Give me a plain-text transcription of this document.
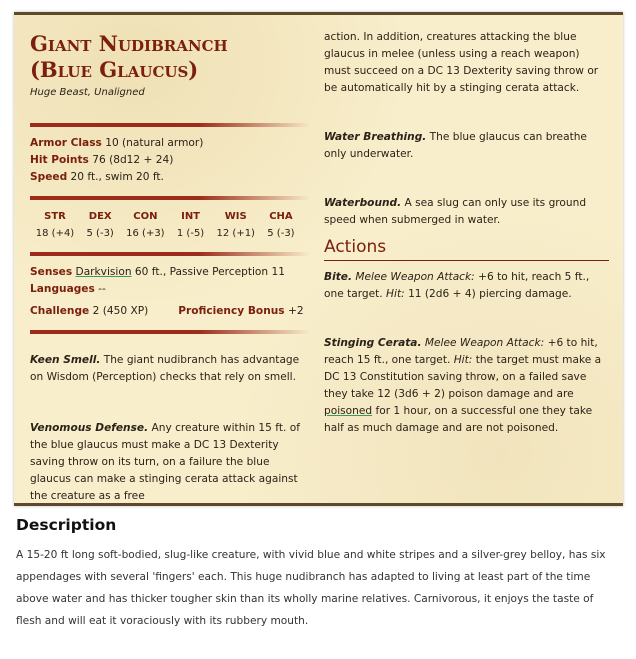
Giant Nudibranch
(Blue Glaucus)
Huge Beast, Unaligned
Armor Class 10 (natural armor)
Hit Points 76 (8d12 + 24)
Speed 20 ft., swim 20 ft.
STR
18 (+4)
DEX
5 (-3)
CON
16 (+3)
INT
1 (-5)
WIS
12 (+1)
CHA
5 (-3)
Senses Darkvision 60 ft., Passive Perception 11
Languages --
Challenge 2 (450 XP)	Proficiency Bonus +2

Keen Smell. The giant nudibranch has advantage on Wisdom (Perception) checks that rely on smell.

Venomous Defense. Any creature within 15 ft. of the blue glaucus must make a DC 13 Dexterity saving throw on its turn, on a failure the blue glaucus can make a stinging cerata attack against the creature as a free

action. In addition, creatures attacking the blue glaucus in melee (unless using a reach weapon) must succeed on a DC 13 Dexterity saving throw or be automatically hit by a stinging cerata attack.

Water Breathing. The blue glaucus can breathe only underwater.

Waterbound. A sea slug can only use its ground speed when submerged in water.

Actions

Bite. Melee Weapon Attack: +6 to hit, reach 5 ft., one target. Hit: 11 (2d6 + 4) piercing damage.

Stinging Cerata. Melee Weapon Attack: +6 to hit, reach 15 ft., one target. Hit: the target must make a DC 13 Constitution saving throw, on a failed save they take 12 (3d6 + 2) poison damage and are poisoned for 1 hour, on a successful one they take half as much damage and are not poisoned.

Description

A 15-20 ft long soft-bodied, slug-like creature, with vivid blue and white stripes and a silver-grey belloy, has six appendages with several 'fingers' each. This huge nudibranch has adapted to living at least part of the time above water and has thicker tougher skin than its wholly marine relatives. Carnivorous, it enjoys the taste of flesh and will eat it voraciously with its rubbery mouth.
